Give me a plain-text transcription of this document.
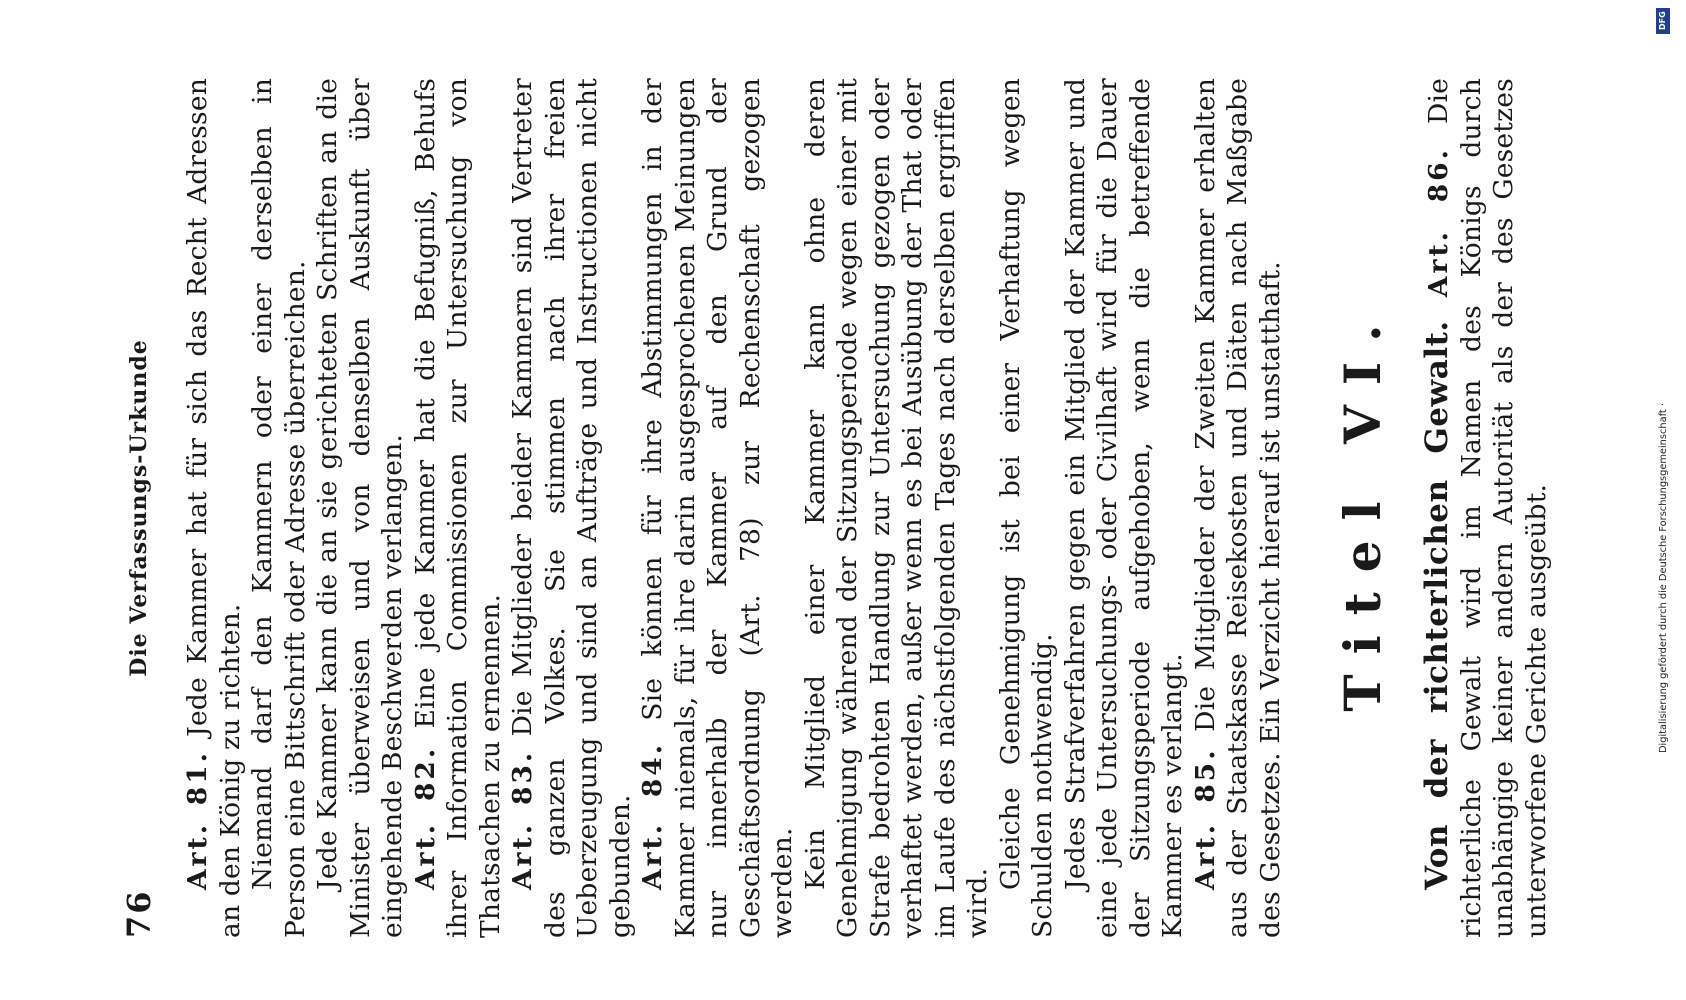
76
Die Verfassungs-Urkunde

Art. 81. Jede Kammer hat für sich das Recht Adressen an den König zu richten. Niemand darf den Kammern oder einer derselben in Person eine Bittschrift oder Adresse überreichen. Jede Kammer kann die an sie gerichteten Schriften an die Minister überweisen und von denselben Auskunft über eingehende Beschwerden verlangen. Art. 82. Eine jede Kammer hat die Befugniß, Behufs ihrer Information Commissionen zur Untersuchung von Thatsachen zu ernennen. Art. 83. Die Mitglieder beider Kammern sind Vertreter des ganzen Volkes. Sie stimmen nach ihrer freien Ueberzeugung und sind an Aufträge und Instructionen nicht gebunden. Art. 84. Sie können für ihre Abstimmungen in der Kammer niemals, für ihre darin ausgesprochenen Meinungen nur innerhalb der Kammer auf den Grund der Geschäftsordnung (Art. 78) zur Rechenschaft gezogen werden. Kein Mitglied einer Kammer kann ohne deren Genehmigung während der Sitzungsperiode wegen einer mit Strafe bedrohten Handlung zur Untersuchung gezogen oder verhaftet werden, außer wenn es bei Ausübung der That oder im Laufe des nächstfolgenden Tages nach derselben ergriffen wird.

Gleiche Genehmigung ist bei einer Verhaftung wegen Schulden nothwendig. Jedes Strafverfahren gegen ein Mitglied der Kammer und eine jede Untersuchungs- oder Civilhaft wird für die Dauer der Sitzungsperiode aufgehoben, wenn die betreffende Kammer es verlangt. Art. 85. Die Mitglieder der Zweiten Kammer erhalten aus der Staatskasse Reisekosten und Diäten nach Maßgabe des Gesetzes. Ein Verzicht hierauf ist unstatthaft. Titel VI. Von der richterlichen Gewalt. Art. 86. Die richterliche Gewalt wird im Namen des Königs durch unabhängige keiner andern Autorität als der des Gesetzes unterworfene Gerichte ausgeübt.	Digitalisierung gefördert durch die Deutsche Forschungsgemeinschaft ·
DFG
